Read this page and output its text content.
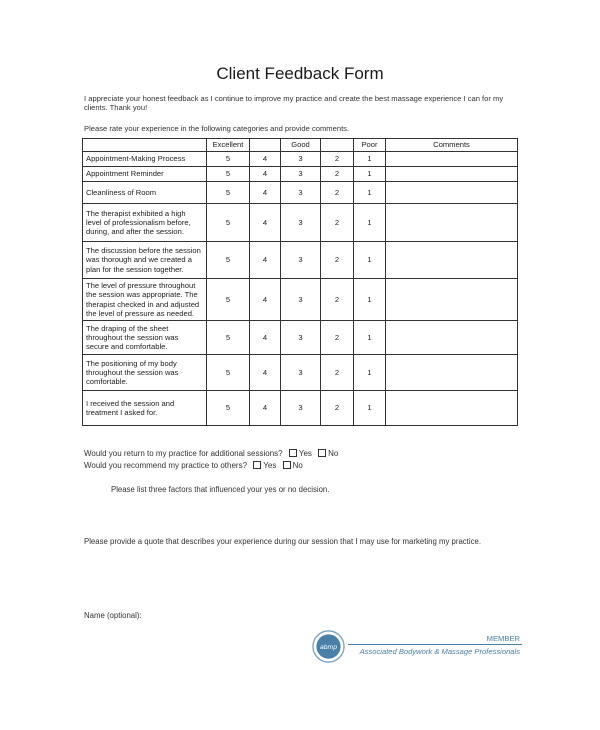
Client Feedback Form
I appreciate your honest feedback as I continue to improve my practice and create the best massage experience I can for my clients. Thank you!
Please rate your experience in the following categories and provide comments.
	Excellent		Good		Poor	Comments
Appointment-Making Process	5	4	3	2	1	
Appointment Reminder	5	4	3	2	1	
Cleanliness of Room	5	4	3	2	1	
The therapist exhibited a high level of professionalism before, during, and after the session.	5	4	3	2	1	
The discussion before the session was thorough and we created a plan for the session together.	5	4	3	2	1	
The level of pressure throughout the session was appropriate. The therapist checked in and adjusted the level of pressure as needed.	5	4	3	2	1	
The draping of the sheet throughout the session was secure and comfortable.	5	4	3	2	1	
The positioning of my body throughout the session was comfortable.	5	4	3	2	1	
I received the session and treatment I asked for.	5	4	3	2	1	
Would you return to my practice for additional sessions? Yes No
Would you recommend my practice to others? Yes No
Please list three factors that influenced your yes or no decision.
Please provide a quote that describes your experience during our session that I may use for marketing my practice.
Name (optional):
abmp
MEMBER
Associated Bodywork & Massage Professionals
